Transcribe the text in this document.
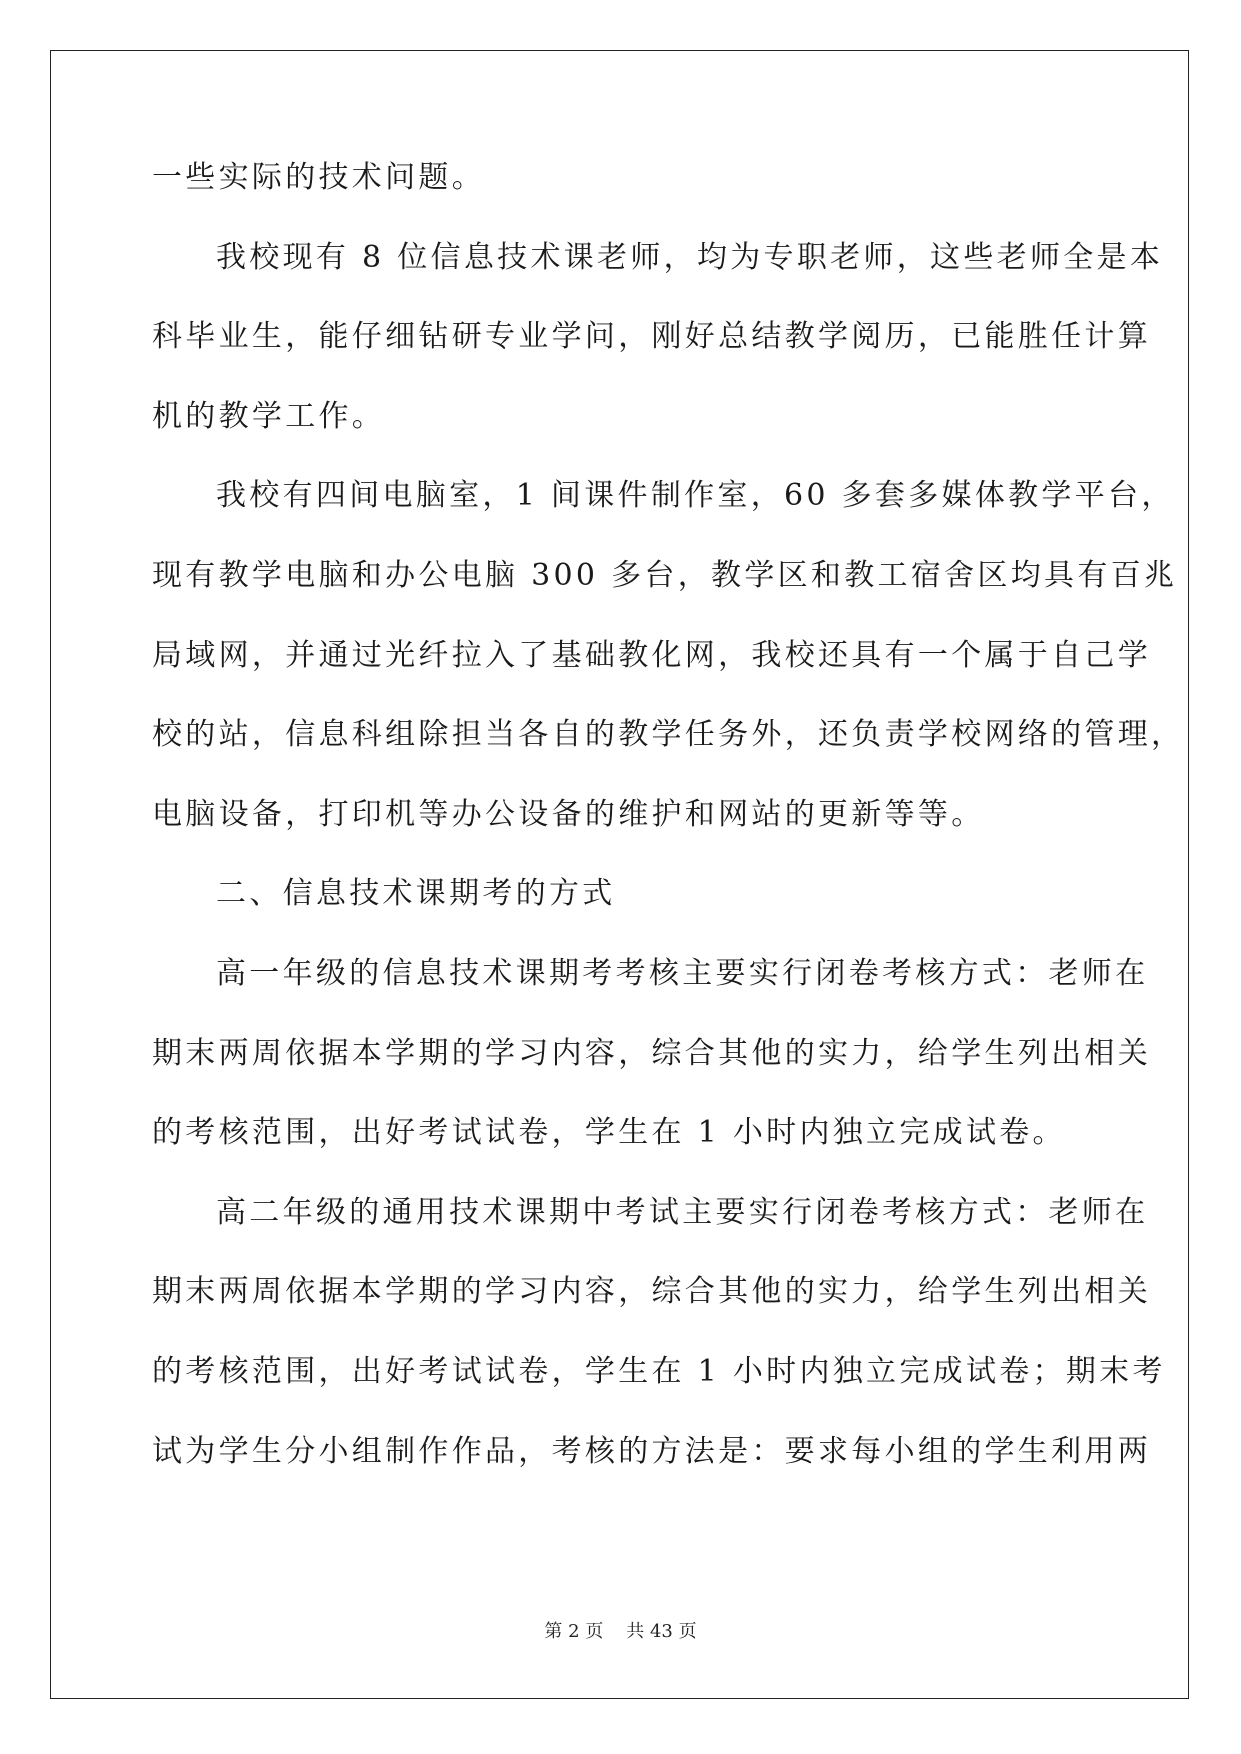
一些实际的技术问题。
我校现有 8 位信息技术课老师，均为专职老师，这些老师全是本
科毕业生，能仔细钻研专业学问，刚好总结教学阅历，已能胜任计算
机的教学工作。
我校有四间电脑室，1 间课件制作室，60 多套多媒体教学平台，
现有教学电脑和办公电脑 300 多台，教学区和教工宿舍区均具有百兆
局域网，并通过光纤拉入了基础教化网，我校还具有一个属于自己学
校的站，信息科组除担当各自的教学任务外，还负责学校网络的管理，
电脑设备，打印机等办公设备的维护和网站的更新等等。
二、信息技术课期考的方式
高一年级的信息技术课期考考核主要实行闭卷考核方式：老师在
期末两周依据本学期的学习内容，综合其他的实力，给学生列出相关
的考核范围，出好考试试卷，学生在 1 小时内独立完成试卷。
高二年级的通用技术课期中考试主要实行闭卷考核方式：老师在
期末两周依据本学期的学习内容，综合其他的实力，给学生列出相关
的考核范围，出好考试试卷，学生在 1 小时内独立完成试卷；期末考
试为学生分小组制作作品，考核的方法是：要求每小组的学生利用两
第 2 页 共 43 页
